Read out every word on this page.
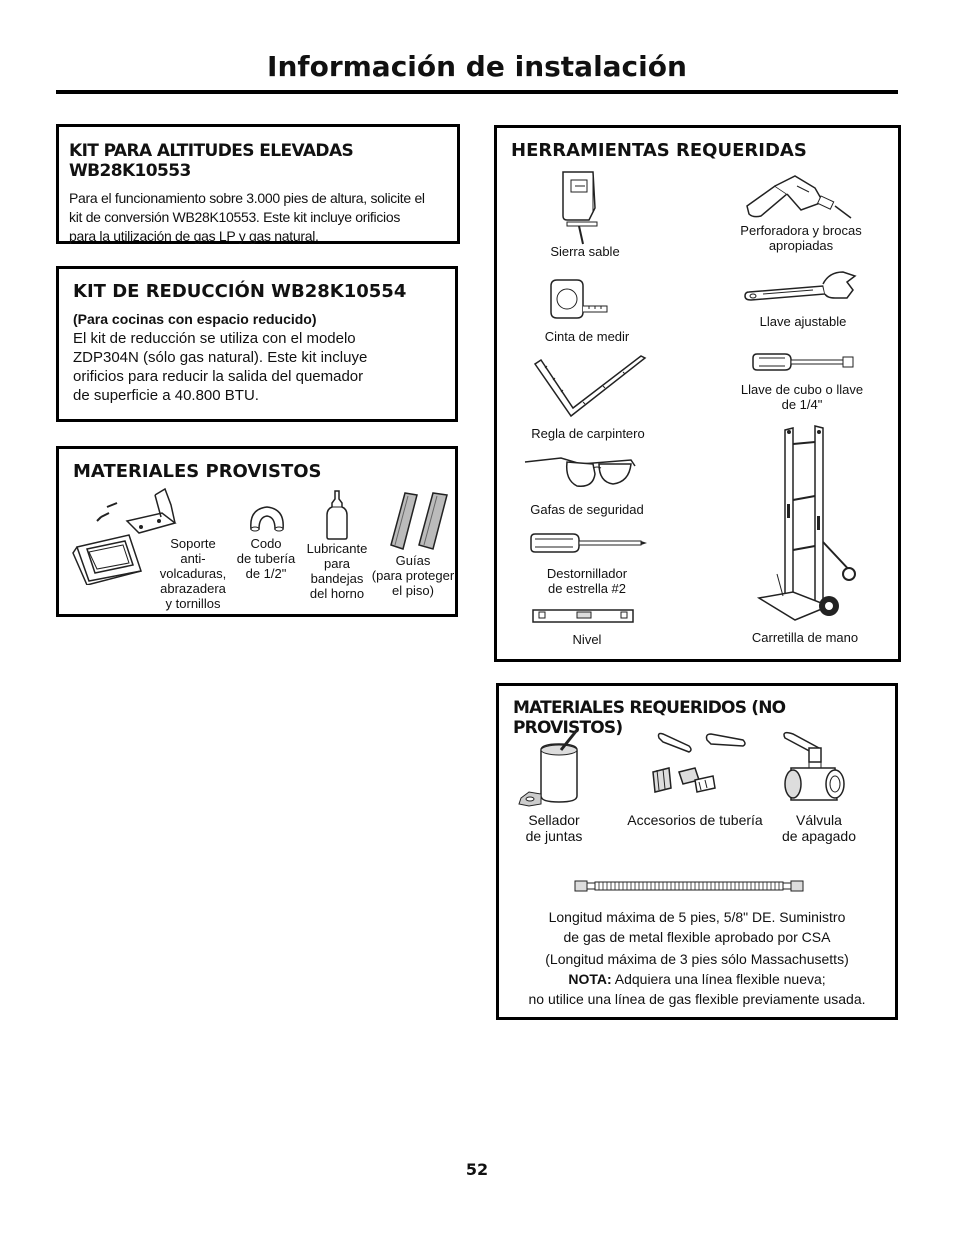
Información de instalación
KIT PARA ALTITUDES ELEVADAS WB28K10553
Para el funcionamiento sobre 3.000 pies de altura, solicite el
kit de conversión WB28K10553. Este kit incluye orificios
para la utilización de gas LP y gas natural.
KIT DE REDUCCIÓN WB28K10554
(Para cocinas con espacio reducido)
El kit de reducción se utiliza con el modelo
ZDP304N (sólo gas natural). Este kit incluye
orificios para reducir la salida del quemador
de superficie a 40.800 BTU.
MATERIALES PROVISTOS
Soporte
anti-
volcaduras,
abrazadera
y tornillos
Codo
de tubería
de 1/2"
Lubricante
para
bandejas
del horno
Guías
(para proteger
el piso)
HERRAMIENTAS REQUERIDAS
Sierra sable
Perforadora y brocas
apropiadas
Cinta de medir
Llave ajustable
Regla de carpintero
Llave de cubo o llave
de 1/4"
Gafas de seguridad
Destornillador
de estrella #2
Nivel	Carretilla de mano
MATERIALES REQUERIDOS (NO PROVISTOS)
Sellador
de juntas
Accesorios de tubería	Válvula
de apagado
Longitud máxima de 5 pies, 5/8" DE. Suministro
de gas de metal flexible aprobado por CSA
(Longitud máxima de 3 pies sólo Massachusetts)
NOTA: Adquiera una línea flexible nueva;
no utilice una línea de gas flexible previamente usada.
52
